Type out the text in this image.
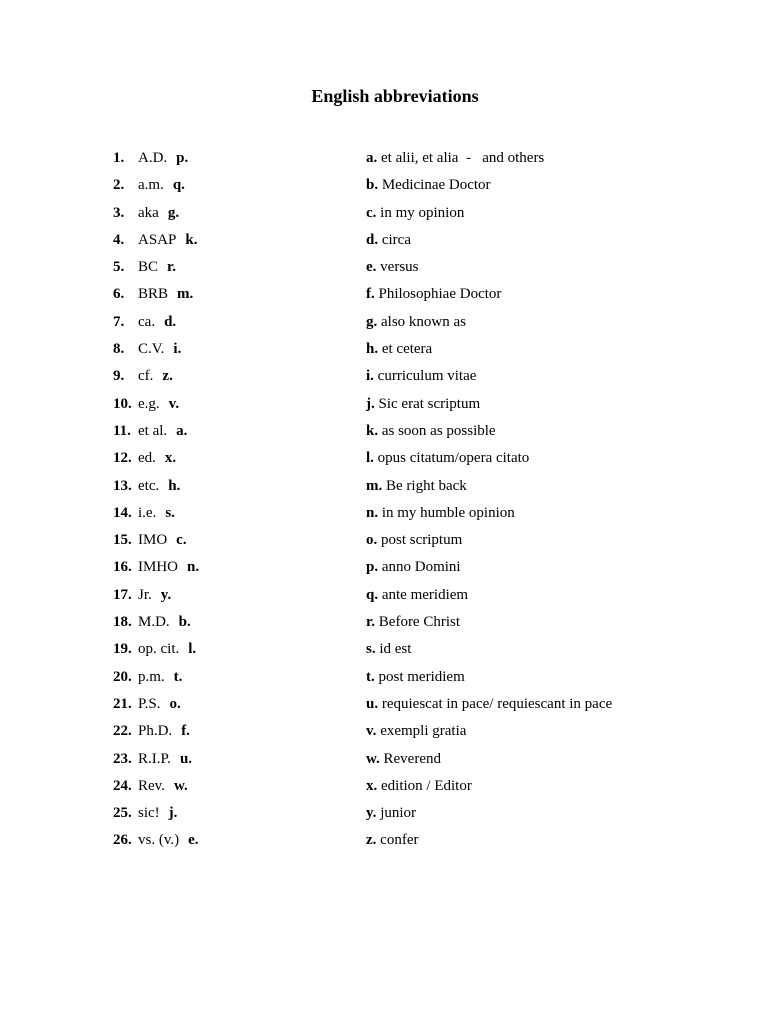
English abbreviations
1. A.D. p.	a. et alii, et alia  -   and others
2. a.m. q.	b. Medicinae Doctor
3. aka g.	c. in my opinion
4. ASAP k.	d. circa
5. BC r.	e. versus
6. BRB m.	f. Philosophiae Doctor
7. ca. d.	g. also known as
8. C.V. i.	h. et cetera
9. cf. z.	i. curriculum vitae
10. e.g. v.	j. Sic erat scriptum
11. et al. a.	k. as soon as possible
12. ed. x.	l. opus citatum/opera citato
13. etc. h.	m. Be right back
14. i.e. s.	n. in my humble opinion
15. IMO c.	o. post scriptum
16. IMHO n.	p. anno Domini
17. Jr. y.	q. ante meridiem
18. M.D. b.	r. Before Christ
19. op. cit. l.	s. id est
20. p.m. t.	t. post meridiem
21. P.S. o.	u. requiescat in pace/ requiescant in pace
22. Ph.D. f.	v. exempli gratia
23. R.I.P. u.	w. Reverend
24. Rev. w.	x. edition / Editor
25. sic! j.	y. junior
26. vs. (v.) e.	z. confer
